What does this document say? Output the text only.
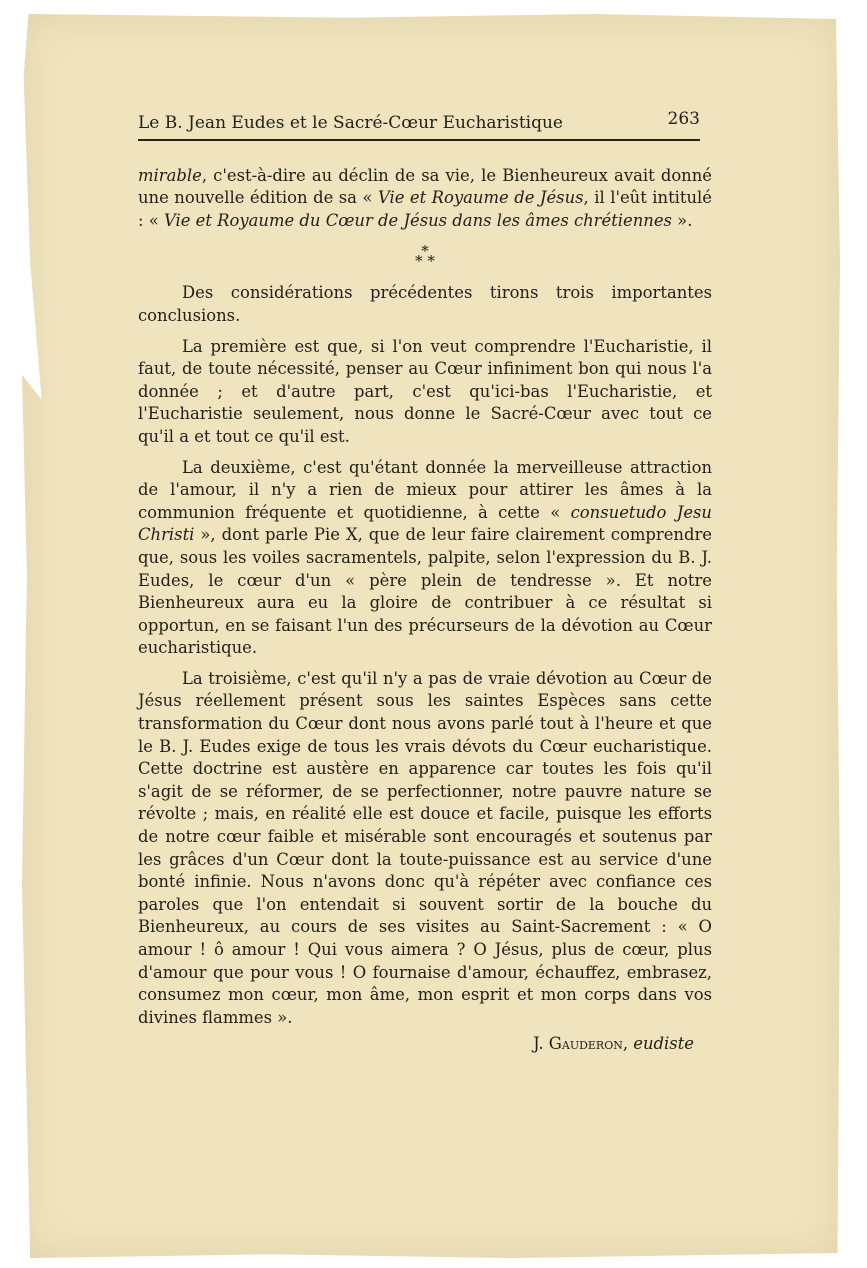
Le B. Jean Eudes et le Sacré-Cœur Eucharistique	263

mirable, c'est-à-dire au déclin de sa vie, le Bienheureux avait donné une nouvelle édition de sa « Vie et Royaume de Jésus, il l'eût intitulé : « Vie et Royaume du Cœur de Jésus dans les âmes chrétiennes ».

*
* *

Des considérations précédentes tirons trois importantes conclusions.

La première est que, si l'on veut comprendre l'Eucharistie, il faut, de toute nécessité, penser au Cœur infiniment bon qui nous l'a donnée ; et d'autre part, c'est qu'ici-bas l'Eucharistie, et l'Eucharistie seulement, nous donne le Sacré-Cœur avec tout ce qu'il a et tout ce qu'il est.

La deuxième, c'est qu'étant donnée la merveilleuse attraction de l'amour, il n'y a rien de mieux pour attirer les âmes à la communion fréquente et quotidienne, à cette « consuetudo Jesu Christi », dont parle Pie X, que de leur faire clairement comprendre que, sous les voiles sacramentels, palpite, selon l'expression du B. J. Eudes, le cœur d'un « père plein de tendresse ». Et notre Bienheureux aura eu la gloire de contribuer à ce résultat si opportun, en se faisant l'un des précurseurs de la dévotion au Cœur eucharistique.

La troisième, c'est qu'il n'y a pas de vraie dévotion au Cœur de Jésus réellement présent sous les saintes Espèces sans cette transformation du Cœur dont nous avons parlé tout à l'heure et que le B. J. Eudes exige de tous les vrais dévots du Cœur eucharistique. Cette doctrine est austère en apparence car toutes les fois qu'il s'agit de se réformer, de se perfectionner, notre pauvre nature se révolte ; mais, en réalité elle est douce et facile, puisque les efforts de notre cœur faible et misérable sont encouragés et soutenus par les grâces d'un Cœur dont la toute-puissance est au service d'une bonté infinie. Nous n'avons donc qu'à répéter avec confiance ces paroles que l'on entendait si souvent sortir de la bouche du Bienheureux, au cours de ses visites au Saint-Sacrement : « O amour ! ô amour ! Qui vous aimera ? O Jésus, plus de cœur, plus d'amour que pour vous ! O fournaise d'amour, échauffez, embrasez, consumez mon cœur, mon âme, mon esprit et mon corps dans vos divines flammes ».

J. Gauderon, eudiste
